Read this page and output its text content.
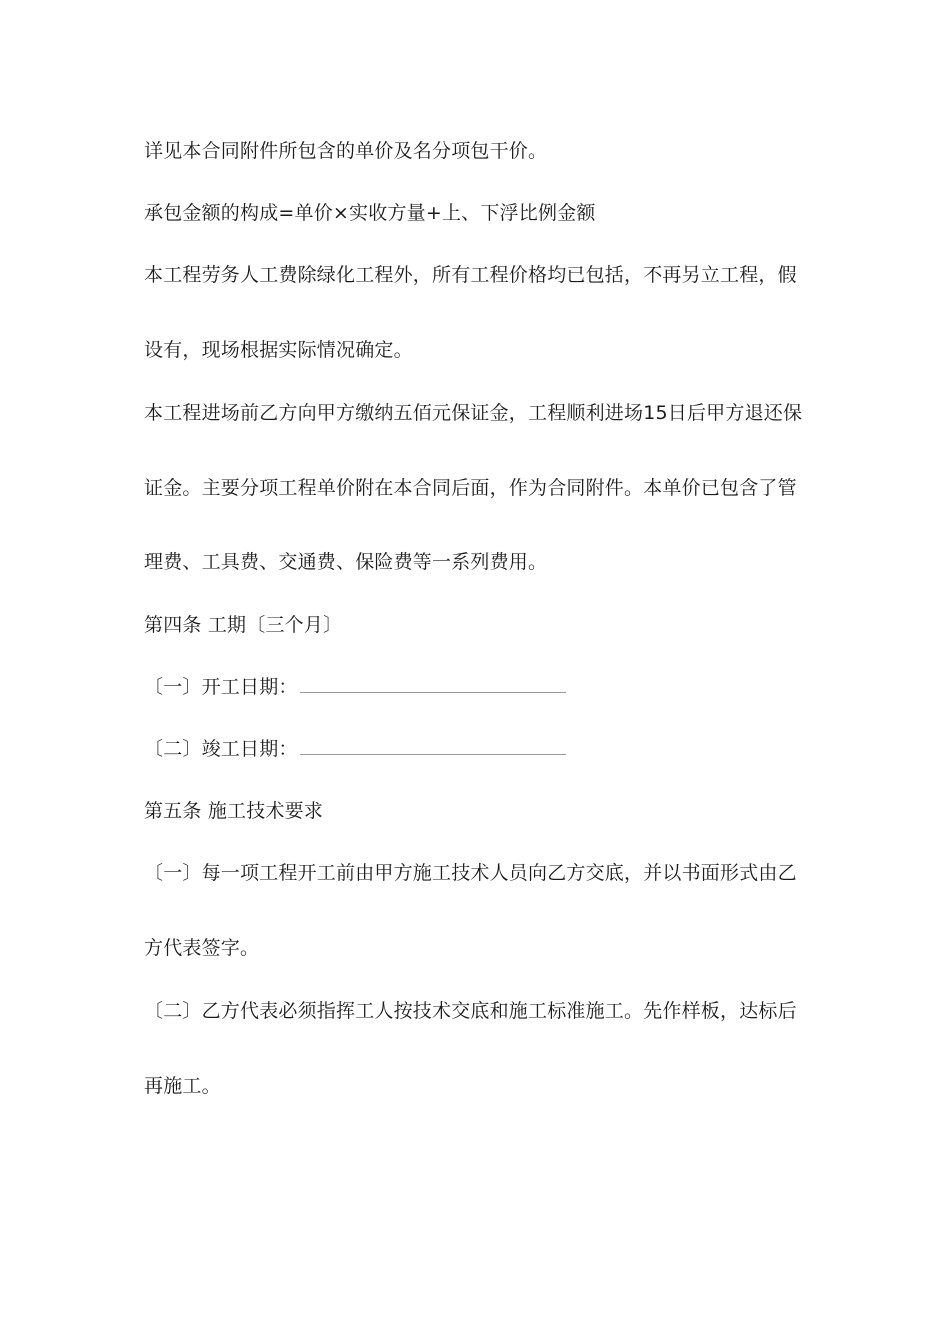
详见本合同附件所包含的单价及名分项包干价。
承包金额的构成=单价×实收方量+上、下浮比例金额
本工程劳务人工费除绿化工程外，所有工程价格均已包括，不再另立工程，假
设有，现场根据实际情况确定。
本工程进场前乙方向甲方缴纳五佰元保证金，工程顺利进场15日后甲方退还保
证金。主要分项工程单价附在本合同后面，作为合同附件。本单价已包含了管
理费、工具费、交通费、保险费等一系列费用。
第四条 工期〔三个月〕
〔一〕开工日期：
〔二〕竣工日期：
第五条 施工技术要求
〔一〕每一项工程开工前由甲方施工技术人员向乙方交底，并以书面形式由乙
方代表签字。
〔二〕乙方代表必须指挥工人按技术交底和施工标准施工。先作样板，达标后
再施工。
